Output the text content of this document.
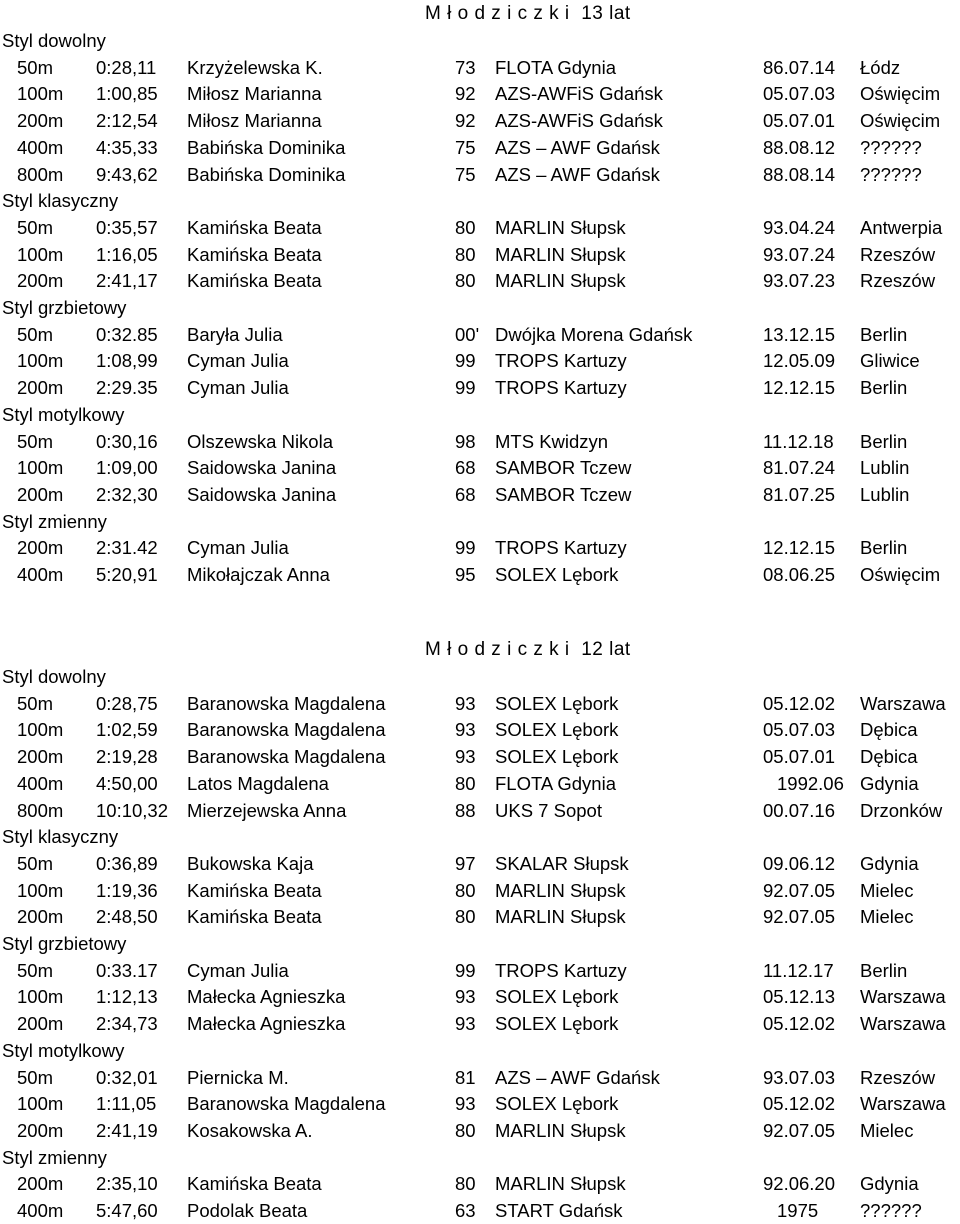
M ł o d z i c z k i  13 lat
Styl dowolny
50m 0:28,11 Krzyżelewska K.	73 FLOTA Gdynia	86.07.14 Łódz
100m 1:00,85 Miłosz Marianna	92 AZS-AWFiS Gdańsk	05.07.03 Oświęcim
200m 2:12,54 Miłosz Marianna	92 AZS-AWFiS Gdańsk	05.07.01 Oświęcim
400m 4:35,33 Babińska Dominika	75 AZS – AWF Gdańsk	88.08.12 ??????
800m 9:43,62 Babińska Dominika	75 AZS – AWF Gdańsk	88.08.14 ??????
Styl klasyczny
50m 0:35,57 Kamińska Beata	80 MARLIN Słupsk	93.04.24 Antwerpia
100m 1:16,05 Kamińska Beata	80 MARLIN Słupsk	93.07.24 Rzeszów
200m 2:41,17 Kamińska Beata	80 MARLIN Słupsk	93.07.23 Rzeszów
Styl grzbietowy
50m 0:32.85 Baryła Julia	00' Dwójka Morena Gdańsk	13.12.15 Berlin
100m 1:08,99 Cyman Julia	99 TROPS Kartuzy	12.05.09 Gliwice
200m 2:29.35 Cyman Julia	99 TROPS Kartuzy	12.12.15 Berlin
Styl motylkowy
50m 0:30,16 Olszewska Nikola	98 MTS Kwidzyn	11.12.18 Berlin
100m 1:09,00 Saidowska Janina	68 SAMBOR Tczew	81.07.24 Lublin
200m 2:32,30 Saidowska Janina	68 SAMBOR Tczew	81.07.25 Lublin
Styl zmienny
200m 2:31.42 Cyman Julia	99 TROPS Kartuzy	12.12.15 Berlin
400m 5:20,91 Mikołajczak Anna	95 SOLEX Lębork	08.06.25 Oświęcim
M ł o d z i c z k i  12 lat
Styl dowolny
50m 0:28,75 Baranowska Magdalena	93 SOLEX Lębork	05.12.02 Warszawa
100m 1:02,59 Baranowska Magdalena	93 SOLEX Lębork	05.07.03 Dębica
200m 2:19,28 Baranowska Magdalena	93 SOLEX Lębork	05.07.01 Dębica
400m 4:50,00 Latos Magdalena	80 FLOTA Gdynia	1992.06 Gdynia
800m 10:10,32 Mierzejewska Anna	88 UKS 7 Sopot	00.07.16 Drzonków
Styl klasyczny
50m 0:36,89 Bukowska Kaja	97 SKALAR Słupsk	09.06.12 Gdynia
100m 1:19,36 Kamińska Beata	80 MARLIN Słupsk	92.07.05 Mielec
200m 2:48,50 Kamińska Beata	80 MARLIN Słupsk	92.07.05 Mielec
Styl grzbietowy
50m 0:33.17 Cyman Julia	99 TROPS Kartuzy	11.12.17 Berlin
100m 1:12,13 Małecka Agnieszka	93 SOLEX Lębork	05.12.13 Warszawa
200m 2:34,73 Małecka Agnieszka	93 SOLEX Lębork	05.12.02 Warszawa
Styl motylkowy
50m 0:32,01 Piernicka M.	81 AZS – AWF Gdańsk	93.07.03 Rzeszów
100m 1:11,05 Baranowska Magdalena	93 SOLEX Lębork	05.12.02 Warszawa
200m 2:41,19 Kosakowska A.	80 MARLIN Słupsk	92.07.05 Mielec
Styl zmienny
200m 2:35,10 Kamińska Beata	80 MARLIN Słupsk	92.06.20 Gdynia
400m 5:47,60 Podolak Beata	63 START Gdańsk	1975 ??????
